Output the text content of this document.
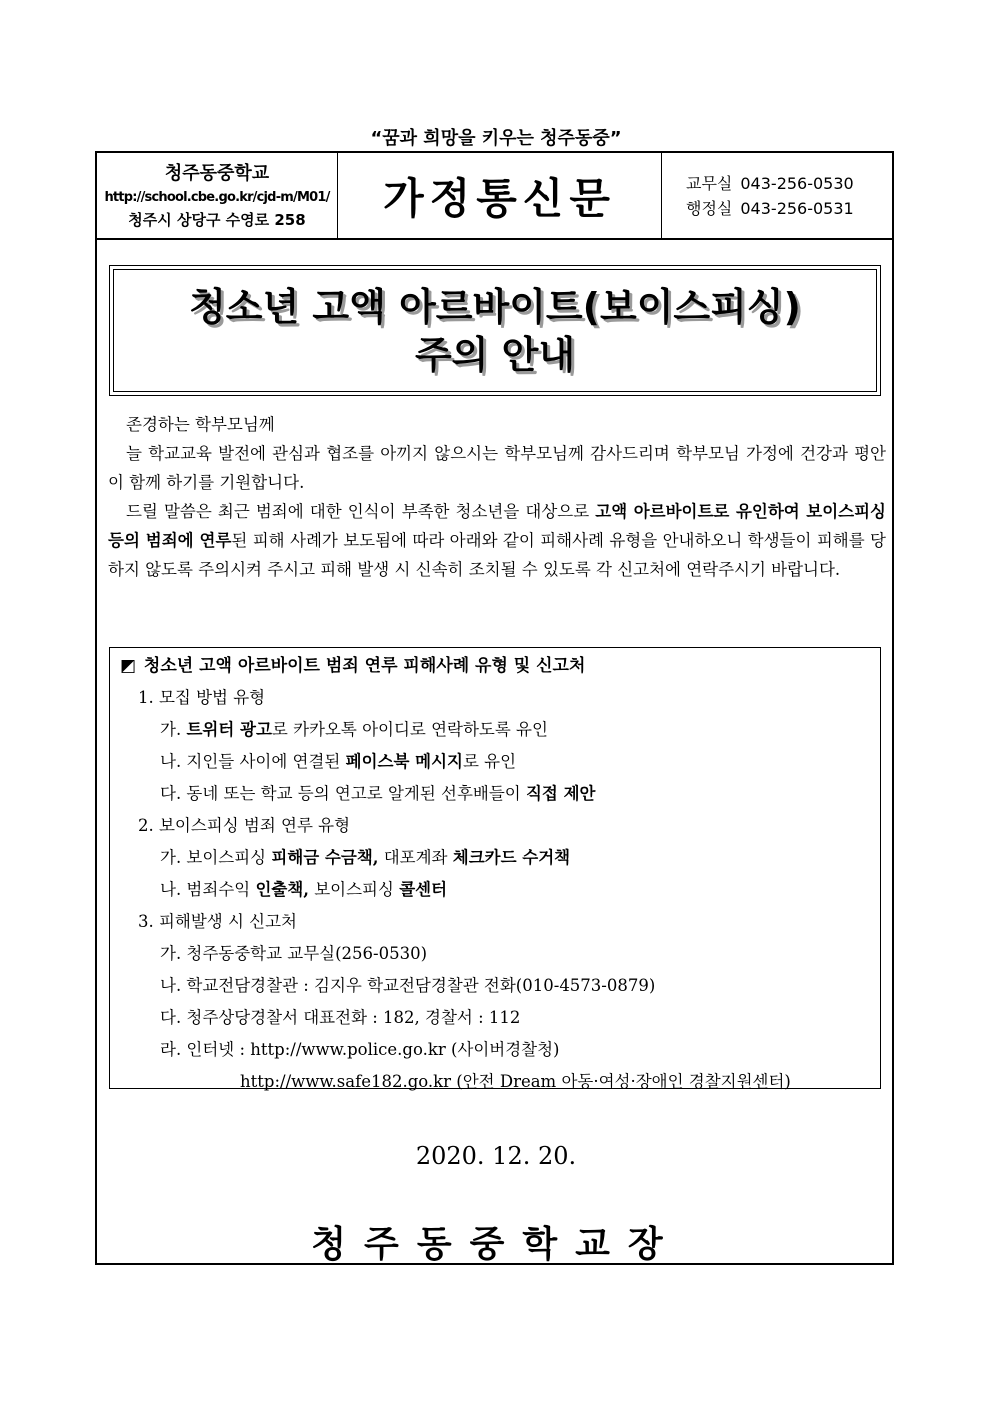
“꿈과 희망을 키우는 청주동중”
청주동중학교
http://school.cbe.go.kr/cjd-m/M01/
청주시 상당구 수영로 258	가정통신문	교무실 043-256-0530
행정실 043-256-0531
청소년 고액 아르바이트(보이스피싱)
주의 안내

존경하는 학부모님께

늘 학교교육 발전에 관심과 협조를 아끼지 않으시는 학부모님께 감사드리며 학부모님 가정에 건강과 평안이 함께 하기를 기원합니다.

드릴 말씀은 최근 범죄에 대한 인식이 부족한 청소년을 대상으로 고액 아르바이트로 유인하여 보이스피싱 등의 범죄에 연루된 피해 사례가 보도됨에 따라 아래와 같이 피해사례 유형을 안내하오니 학생들이 피해를 당하지 않도록 주의시켜 주시고 피해 발생 시 신속히 조치될 수 있도록 각 신고처에 연락주시기 바랍니다.

◩ 청소년 고액 아르바이트 범죄 연루 피해사례 유형 및 신고처
1. 모집 방법 유형
가. 트위터 광고로 카카오톡 아이디로 연락하도록 유인
나. 지인들 사이에 연결된 페이스북 메시지로 유인
다. 동네 또는 학교 등의 연고로 알게된 선후배들이 직접 제안
2. 보이스피싱 범죄 연루 유형
가. 보이스피싱 피해금 수금책, 대포계좌 체크카드 수거책
나. 범죄수익 인출책, 보이스피싱 콜센터
3. 피해발생 시 신고처
가. 청주동중학교 교무실(256-0530)
나. 학교전담경찰관 : 김지우 학교전담경찰관 전화(010-4573-0879)
다. 청주상당경찰서 대표전화 : 182, 경찰서 : 112
라. 인터넷 : http://www.police.go.kr (사이버경찰청)
http://www.safe182.go.kr (안전 Dream 아동·여성·장애인 경찰지원센터)
2020. 12. 20.
청주동중학교장
